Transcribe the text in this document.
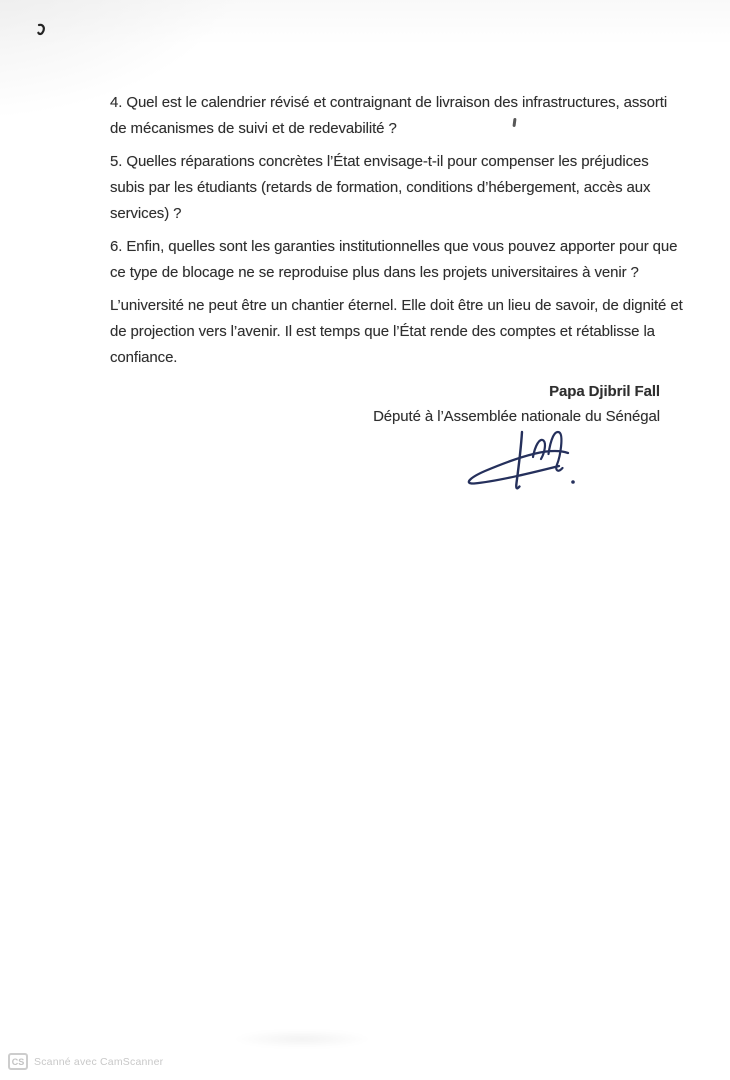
4. Quel est le calendrier révisé et contraignant de livraison des infrastructures, assorti
de mécanismes de suivi et de redevabilité ?
5. Quelles réparations concrètes l’État envisage-t-il pour compenser les préjudices
subis par les étudiants (retards de formation, conditions d’hébergement, accès aux
services) ?
6. Enfin, quelles sont les garanties institutionnelles que vous pouvez apporter pour que
ce type de blocage ne se reproduise plus dans les projets universitaires à venir ?
L’université ne peut être un chantier éternel. Elle doit être un lieu de savoir, de dignité et
de projection vers l’avenir. Il est temps que l’État rende des comptes et rétablisse la
confiance.
Papa Djibril Fall
Député à l’Assemblée nationale du Sénégal
CS Scanné avec CamScanner
